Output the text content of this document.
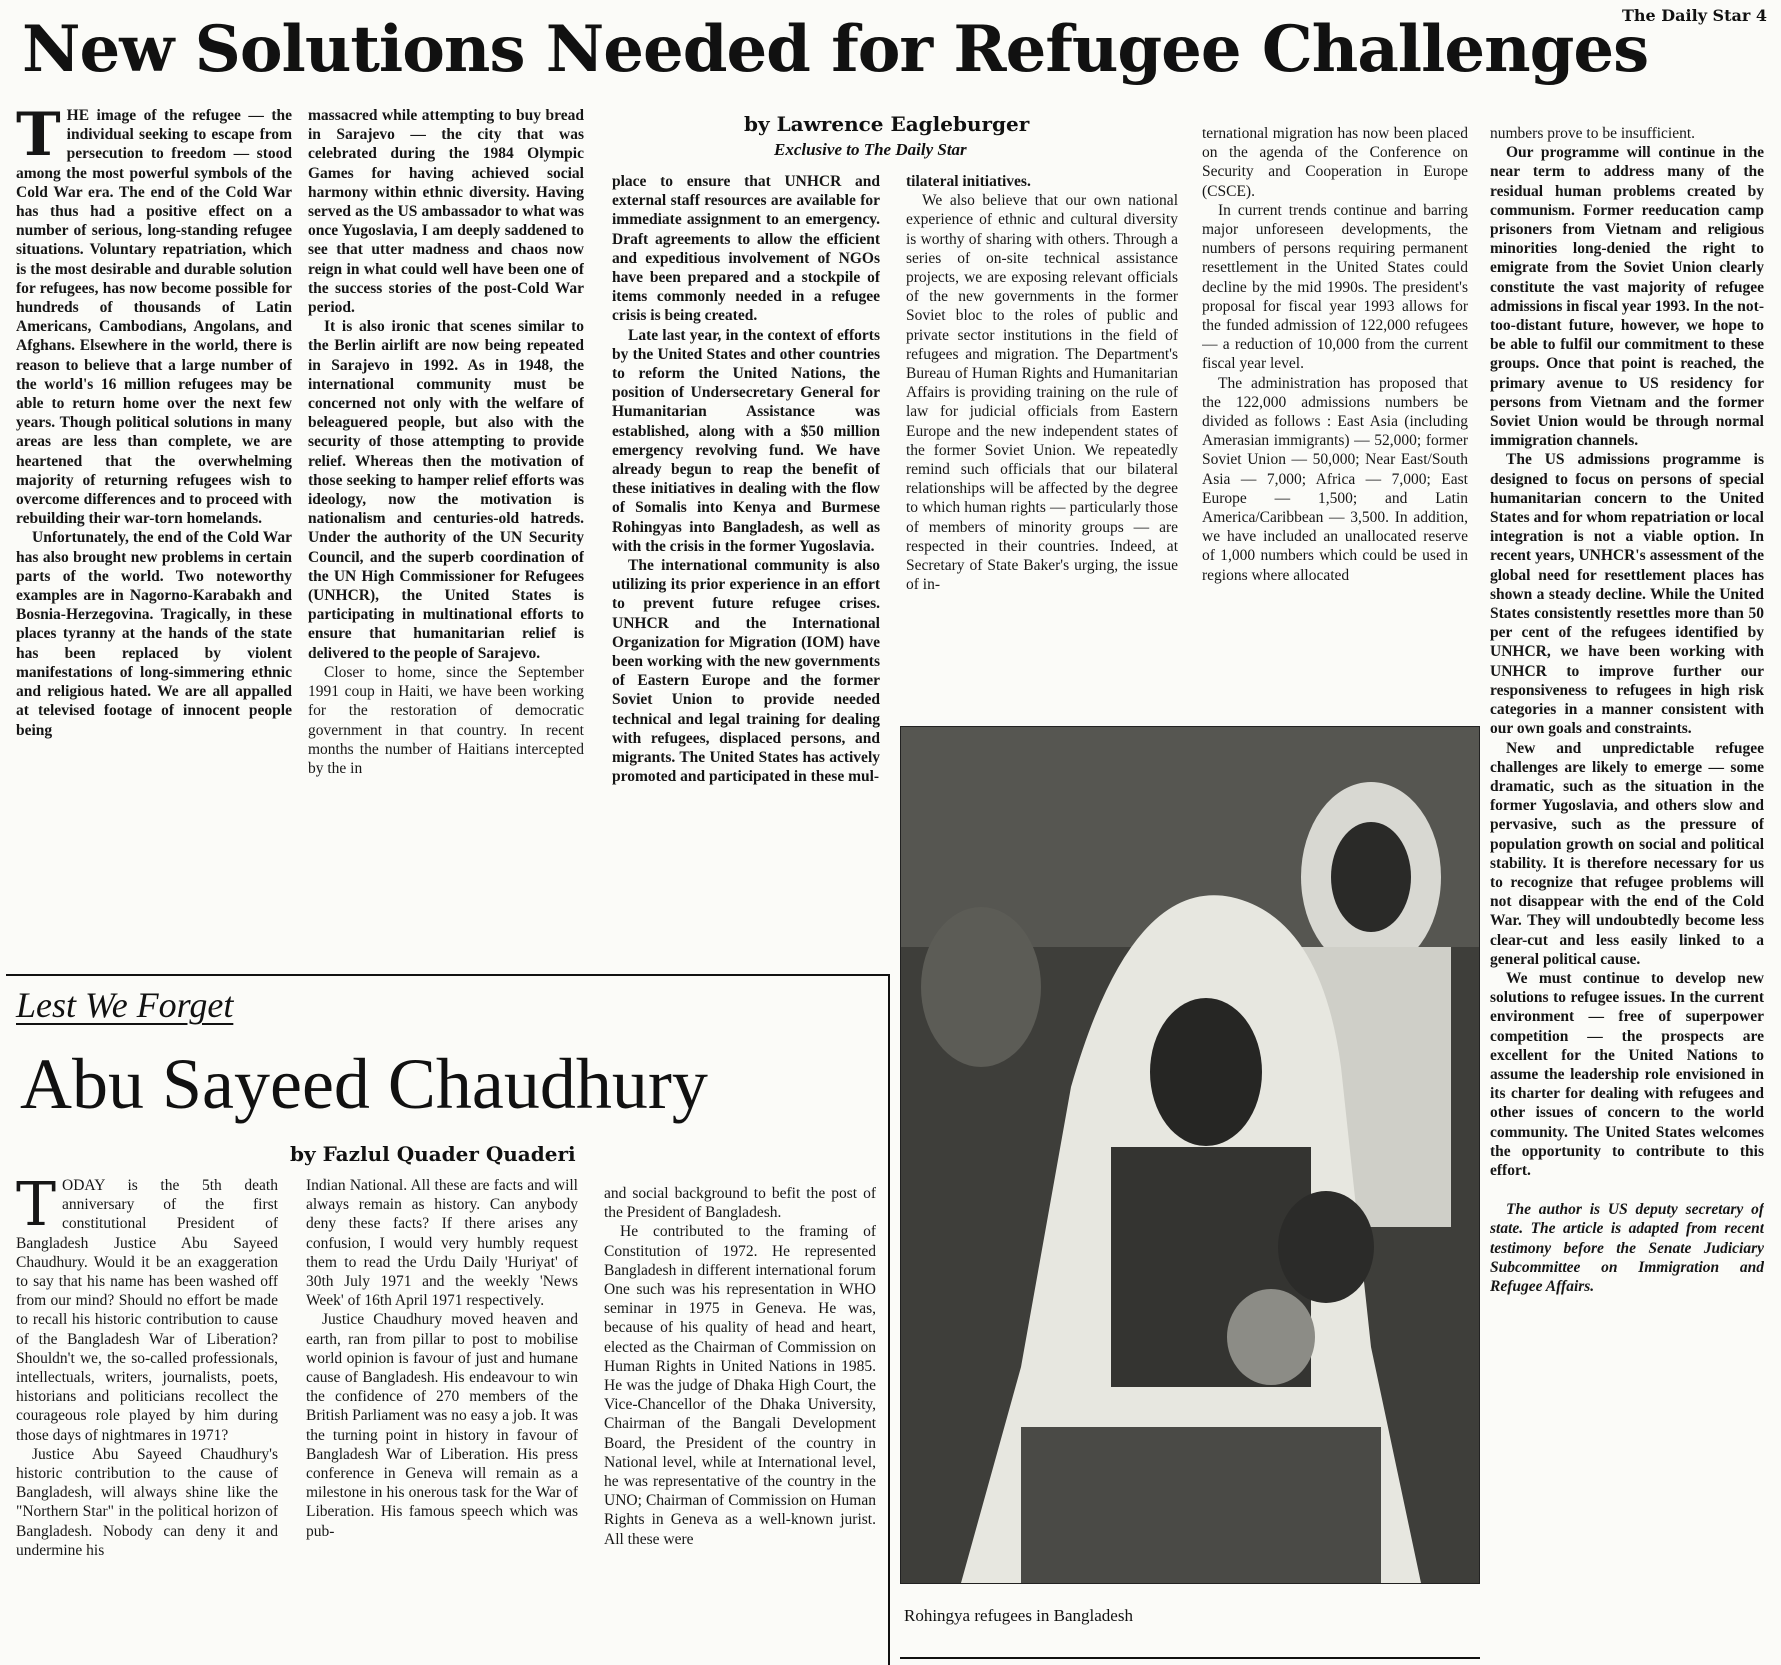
The Daily Star 4
New Solutions Needed for Refugee Challenges
T HE image of the refugee — the individual seeking to escape from persecution to freedom — stood among the most powerful symbols of the Cold War era. The end of the Cold War has thus had a positive effect on a number of serious, long-standing refugee situations. Voluntary repatriation, which is the most desirable and durable solution for refugees, has now become possible for hundreds of thousands of Latin Americans, Cambodians, Angolans, and Afghans. Elsewhere in the world, there is reason to believe that a large number of the world's 16 million refugees may be able to return home over the next few years. Though political solutions in many areas are less than complete, we are heartened that the overwhelming majority of returning refugees wish to overcome differences and to proceed with rebuilding their war-torn homelands.

Unfortunately, the end of the Cold War has also brought new problems in certain parts of the world. Two noteworthy examples are in Nagorno-Karabakh and Bosnia-Herzegovina. Tragically, in these places tyranny at the hands of the state has been replaced by violent manifestations of long-simmering ethnic and religious hated. We are all appalled at televised footage of innocent people being

massacred while attempting to buy bread in Sarajevo — the city that was celebrated during the 1984 Olympic Games for having achieved social harmony within ethnic diversity. Having served as the US ambassador to what was once Yugoslavia, I am deeply saddened to see that utter madness and chaos now reign in what could well have been one of the success stories of the post-Cold War period.

It is also ironic that scenes similar to the Berlin airlift are now being repeated in Sarajevo in 1992. As in 1948, the international community must be concerned not only with the welfare of beleaguered people, but also with the security of those attempting to provide relief. Whereas then the motivation of those seeking to hamper relief efforts was ideology, now the motivation is nationalism and centuries-old hatreds. Under the authority of the UN Security Council, and the superb coordination of the UN High Commissioner for Refugees (UNHCR), the United States is participating in multinational efforts to ensure that humanitarian relief is delivered to the people of Sarajevo.

Closer to home, since the September 1991 coup in Haiti, we have been working for the restoration of democratic government in that country. In recent months the number of Haitians intercepted by the in

by Lawrence Eagleburger
Exclusive to The Daily Star

place to ensure that UNHCR and external staff resources are available for immediate assignment to an emergency. Draft agreements to allow the efficient and expeditious involvement of NGOs have been prepared and a stockpile of items commonly needed in a refugee crisis is being created.

Late last year, in the context of efforts by the United States and other countries to reform the United Nations, the position of Undersecretary General for Humanitarian Assistance was established, along with a $50 million emergency revolving fund. We have already begun to reap the benefit of these initiatives in dealing with the flow of Somalis into Kenya and Burmese Rohingyas into Bangladesh, as well as with the crisis in the former Yugoslavia.

The international community is also utilizing its prior experience in an effort to prevent future refugee crises. UNHCR and the International Organization for Migration (IOM) have been working with the new governments of Eastern Europe and the former Soviet Union to provide needed technical and legal training for dealing with refugees, displaced persons, and migrants. The United States has actively promoted and participated in these mul-

tilateral initiatives.

We also believe that our own national experience of ethnic and cultural diversity is worthy of sharing with others. Through a series of on-site technical assistance projects, we are exposing relevant officials of the new governments in the former Soviet bloc to the roles of public and private sector institutions in the field of refugees and migration. The Department's Bureau of Human Rights and Humanitarian Affairs is providing training on the rule of law for judicial officials from Eastern Europe and the new independent states of the former Soviet Union. We repeatedly remind such officials that our bilateral relationships will be affected by the degree to which human rights — particularly those of members of minority groups — are respected in their countries. Indeed, at Secretary of State Baker's urging, the issue of in-

ternational migration has now been placed on the agenda of the Conference on Security and Cooperation in Europe (CSCE).

In current trends continue and barring major unforeseen developments, the numbers of persons requiring permanent resettlement in the United States could decline by the mid 1990s. The president's proposal for fiscal year 1993 allows for the funded admission of 122,000 refugees — a reduction of 10,000 from the current fiscal year level.

The administration has proposed that the 122,000 admissions numbers be divided as follows : East Asia (including Amerasian immigrants) — 52,000; former Soviet Union — 50,000; Near East/South Asia — 7,000; Africa — 7,000; East Europe — 1,500; and Latin America/Caribbean — 3,500. In addition, we have included an unallocated reserve of 1,000 numbers which could be used in regions where allocated

numbers prove to be insufficient.

Our programme will continue in the near term to address many of the residual human problems created by communism. Former reeducation camp prisoners from Vietnam and religious minorities long-denied the right to emigrate from the Soviet Union clearly constitute the vast majority of refugee admissions in fiscal year 1993. In the not-too-distant future, however, we hope to be able to fulfil our commitment to these groups. Once that point is reached, the primary avenue to US residency for persons from Vietnam and the former Soviet Union would be through normal immigration channels.

The US admissions programme is designed to focus on persons of special humanitarian concern to the United States and for whom repatriation or local integration is not a viable option. In recent years, UNHCR's assessment of the global need for resettlement places has shown a steady decline. While the United States consistently resettles more than 50 per cent of the refugees identified by UNHCR, we have been working with UNHCR to improve further our responsiveness to refugees in high risk categories in a manner consistent with our own goals and constraints.

New and unpredictable refugee challenges are likely to emerge — some dramatic, such as the situation in the former Yugoslavia, and others slow and pervasive, such as the pressure of population growth on social and political stability. It is therefore necessary for us to recognize that refugee problems will not disappear with the end of the Cold War. They will undoubtedly become less clear-cut and less easily linked to a general political cause.

We must continue to develop new solutions to refugee issues. In the current environment — free of superpower competition — the prospects are excellent for the United Nations to assume the leadership role envisioned in its charter for dealing with refugees and other issues of concern to the world community. The United States welcomes the opportunity to contribute to this effort.

The author is US deputy secretary of state. The article is adapted from recent testimony before the Senate Judiciary Subcommittee on Immigration and Refugee Affairs.

Rohingya refugees in Bangladesh
Lest We Forget
Abu Sayeed Chaudhury
by Fazlul Quader Quaderi
T ODAY is the 5th death anniversary of the first constitutional President of Bangladesh Justice Abu Sayeed Chaudhury. Would it be an exaggeration to say that his name has been washed off from our mind? Should no effort be made to recall his historic contribution to cause of the Bangladesh War of Liberation? Shouldn't we, the so-called professionals, intellectuals, writers, journalists, poets, historians and politicians recollect the courageous role played by him during those days of nightmares in 1971?

Justice Abu Sayeed Chaudhury's historic contribution to the cause of Bangladesh, will always shine like the "Northern Star" in the political horizon of Bangladesh. Nobody can deny it and undermine his

Indian National. All these are facts and will always remain as history. Can anybody deny these facts? If there arises any confusion, I would very humbly request them to read the Urdu Daily 'Huriyat' of 30th July 1971 and the weekly 'News Week' of 16th April 1971 respectively.

Justice Chaudhury moved heaven and earth, ran from pillar to post to mobilise world opinion is favour of just and humane cause of Bangladesh. His endeavour to win the confidence of 270 members of the British Parliament was no easy a job. It was the turning point in history in favour of Bangladesh War of Liberation. His press conference in Geneva will remain as a milestone in his onerous task for the War of Liberation. His famous speech which was pub-

and social background to befit the post of the President of Bangladesh.

He contributed to the framing of Constitution of 1972. He represented Bangladesh in different international forum One such was his representation in WHO seminar in 1975 in Geneva. He was, because of his quality of head and heart, elected as the Chairman of Commission on Human Rights in United Nations in 1985. He was the judge of Dhaka High Court, the Vice-Chancellor of the Dhaka University, Chairman of the Bangali Development Board, the President of the country in National level, while at International level, he was representative of the country in the UNO; Chairman of Commission on Human Rights in Geneva as a well-known jurist. All these were
